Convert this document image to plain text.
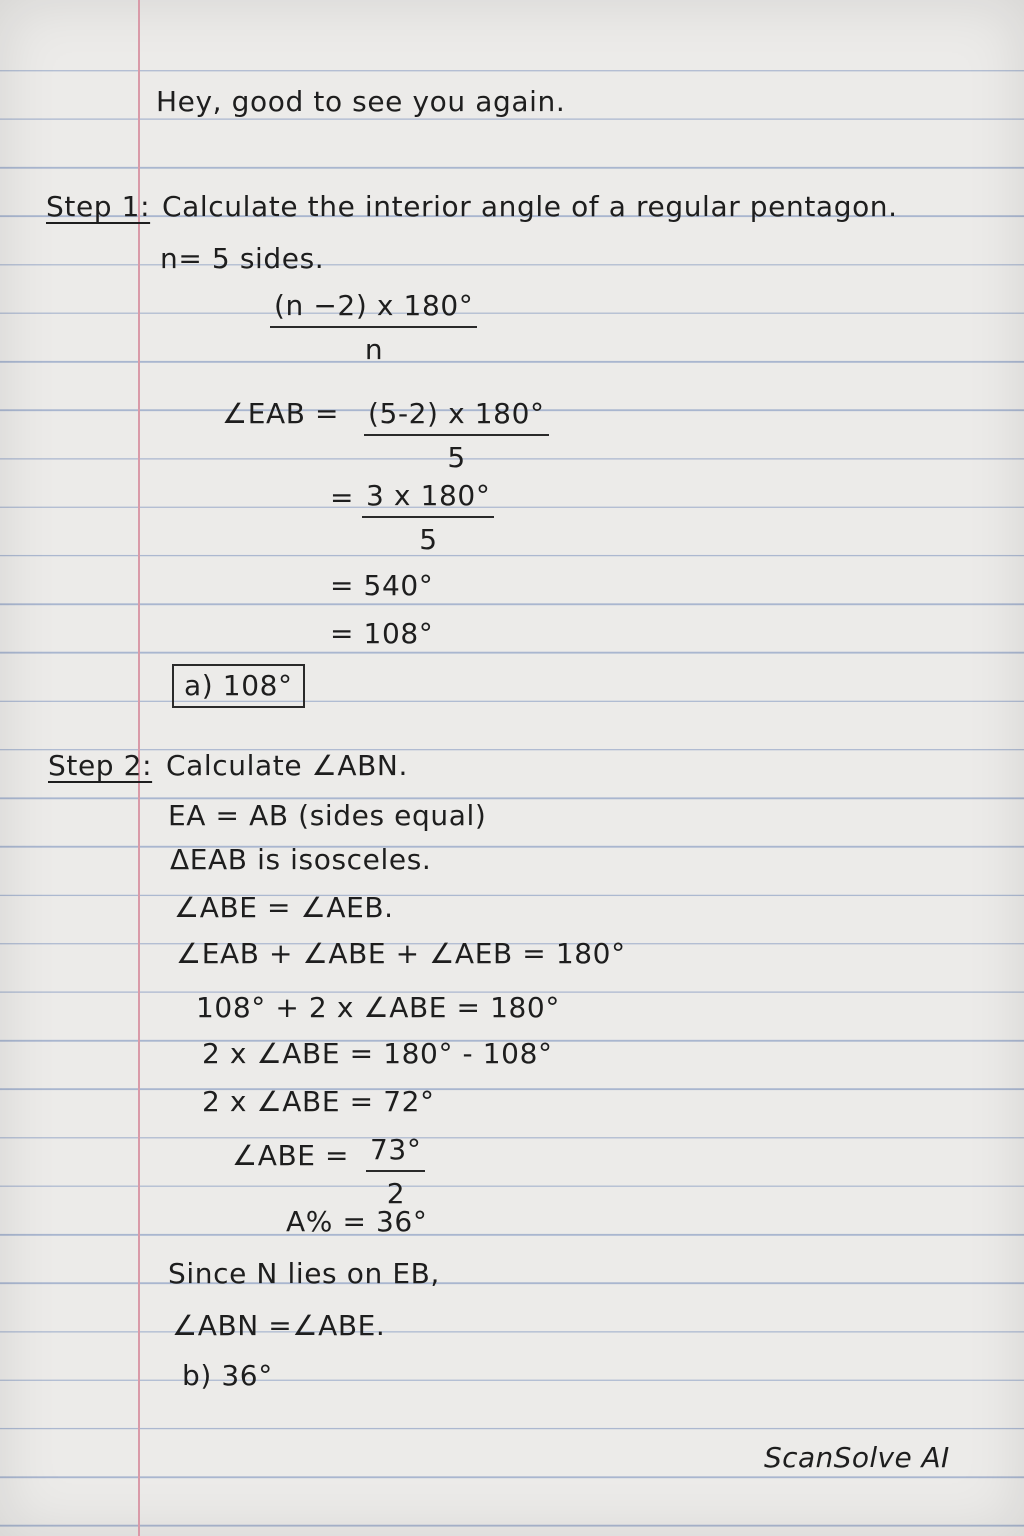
Hey, good to see you again.
Step 1: Calculate the interior angle of a regular pentagon.
n= 5 sides.
$\frac{(n -2) x 180^\circ}{n}$
∠EAB = $\frac{(5-2) x 180^\circ}{5}$
= $\frac{3 x 180^\circ}{5}$
= 540°
= 108°
a) 108°
Step 2: Calculate ∠ABN.
EA = AB (sides equal)
ΔEAB is isosceles.
∠ABE = ∠AEB.
∠EAB + ∠ABE + ∠AEB = 180°
108° + 2 x ∠ABE = 180°
2 x ∠ABE = 180° - 108°
2 x ∠ABE = 72°
∠ABE = $\frac{73^\circ}{2}$
A% = 36°
Since N lies on EB,
∠ABN =∠ABE.
b) 36°
ScanSolve AI
